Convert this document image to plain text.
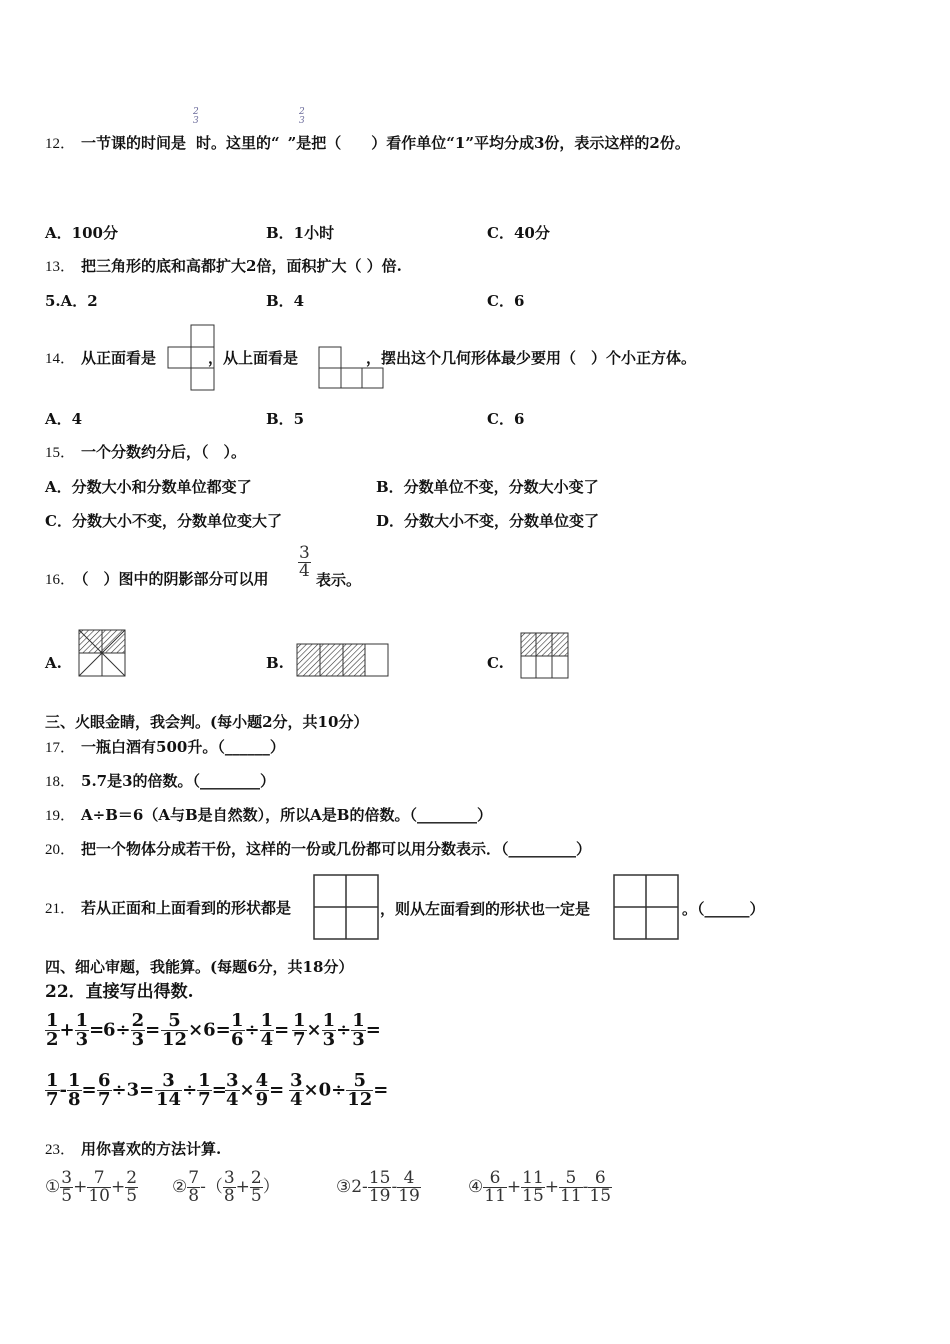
2
3
2
3
12． 一节课的时间是 时。这里的“ ”是把（　　）看作单位“1”平均分成3份，表示这样的2份。
A．100分	B．1小时	C．40分
13． 把三角形的底和高都扩大2倍，面积扩大（ ）倍.
5.A．2	B．4	C．6
14． 从正面看是	，从上面看是	，摆出这个几何形体最少要用（　）个小正方体。
A．4	B．5	C．6
15． 一个分数约分后，（　）。
A．分数大小和分数单位都变了	B．分数单位不变，分数大小变了
C．分数大小不变，分数单位变大了	D．分数大小不变，分数单位变了
16． （　）图中的阴影部分可以用 $\frac{3}{4}$ 表示。
A.	B.	C.
三、火眼金睛，我会判。(每小题2分，共10分）
17． 一瓶白酒有500升。（______）
18． 5.7是3的倍数。（________）
19． A÷B＝6（A与B是自然数），所以A是B的倍数。（________）
20． 把一个物体分成若干份，这样的一份或几份都可以用分数表示．（_________）
21． 若从正面和上面看到的形状都是	，则从左面看到的形状也一定是	。（______）
四、细心审题，我能算。(每题6分，共18分）
22．直接写出得数.
$\frac{1}{2} + \frac{1}{3}$ =
$6\div \frac{2}{3} = \frac{5}{12} \times 6= \frac{1}{6} \div \frac{1}{4} = \frac{1}{7} \times \frac{1}{3} \div \frac{1}{3}$ =
$\frac{1}{7} - \frac{1}{8} = \frac{6}{7} \div 3= \frac{3}{14} \div \frac{1}{7}$ =
$\frac{3}{4} \times \frac{4}{9} = \frac{3}{4} \times 0\div \frac{5}{12}$ =
23． 用你喜欢的方法计算.
① $\frac{3}{5} + \frac{7}{10} + \frac{2}{5}$ ② $\frac{7}{8}$ -（ $\frac{3}{8} + \frac{2}{5}$ ）	③2- $\frac{15}{19} - \frac{4}{19}$	④ $\frac{6}{11} + \frac{11}{15} + \frac{5}{11} - \frac{6}{15}$
